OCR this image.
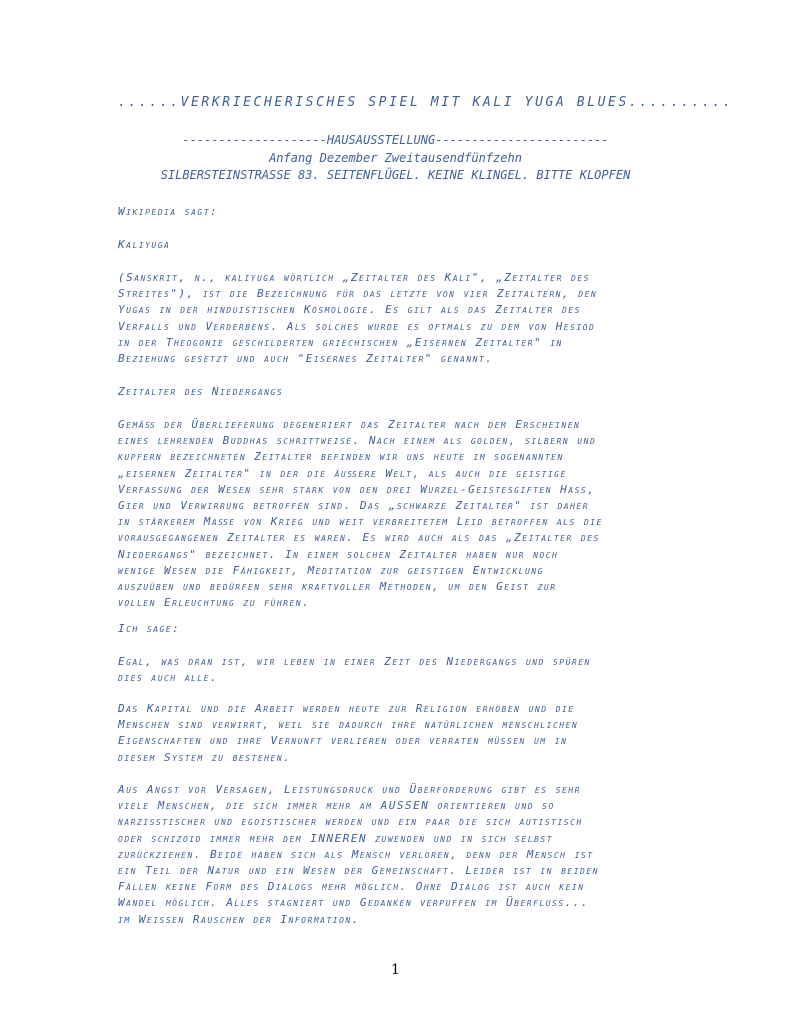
......VERKRIECHERISCHES SPIEL MIT KALI YUGA BLUES..........

--------------------HAUSAUSSTELLUNG------------------------

Anfang Dezember Zweitausendfünfzehn

SILBERSTEINSTRASSE 83. SEITENFLÜGEL. KEINE KLINGEL. BITTE KLOPFEN

Wikipedia sagt:

Kaliyuga

(Sanskrit, n., kaliyuga wörtlich „Zeitalter des Kali", „Zeitalter des
Streites"), ist die Bezeichnung für das letzte von vier Zeitaltern, den
Yugas in der hinduistischen Kosmologie. Es gilt als das Zeitalter des
Verfalls und Verderbens. Als solches wurde es oftmals zu dem von Hesiod
in der Theogonie geschilderten griechischen „Eisernen Zeitalter" in
Beziehung gesetzt und auch "Eisernes Zeitalter" genannt.

Zeitalter des Niedergangs

Gemäß der Überlieferung degeneriert das Zeitalter nach dem Erscheinen
eines lehrenden Buddhas schrittweise. Nach einem als golden, silbern und
kupfern bezeichneten Zeitalter befinden wir uns heute im sogenannten
„eisernen Zeitalter" in der die äußere Welt, als auch die geistige
Verfassung der Wesen sehr stark von den drei Wurzel-Geistesgiften Hass,
Gier und Verwirrung betroffen sind. Das „schwarze Zeitalter" ist daher
in stärkerem Maße von Krieg und weit verbreitetem Leid betroffen als die
vorausgegangenen Zeitalter es waren. Es wird auch als das „Zeitalter des
Niedergangs" bezeichnet. In einem solchen Zeitalter haben nur noch
wenige Wesen die Fähigkeit, Meditation zur geistigen Entwicklung
auszuüben und bedürfen sehr kraftvoller Methoden, um den Geist zur
vollen Erleuchtung zu führen.

Ich sage:

Egal, was dran ist, wir leben in einer Zeit des Niedergangs und spüren
dies auch alle.
Das Kapital und die Arbeit werden heute zur Religion erhoben und die
Menschen sind verwirrt, weil sie dadurch ihre natürlichen menschlichen
Eigenschaften und ihre Vernunft verlieren oder verraten müssen um in
diesem System zu bestehen.
Aus Angst vor Versagen, Leistungsdruck und Überforderung gibt es sehr
viele Menschen, die sich immer mehr am AUSSEN orientieren und so
narzisstischer und egoistischer werden und ein paar die sich autistisch
oder schizoid immer mehr dem INNEREN zuwenden und in sich selbst
zurückziehen. Beide haben sich als Mensch verloren, denn der Mensch ist
ein Teil der Natur und ein Wesen der Gemeinschaft. Leider ist in beiden
Fällen keine Form des Dialogs mehr möglich. Ohne Dialog ist auch kein
Wandel möglich. Alles stagniert und Gedanken verpuffen im Überfluss...
im Weissen Rauschen der Information.
1
